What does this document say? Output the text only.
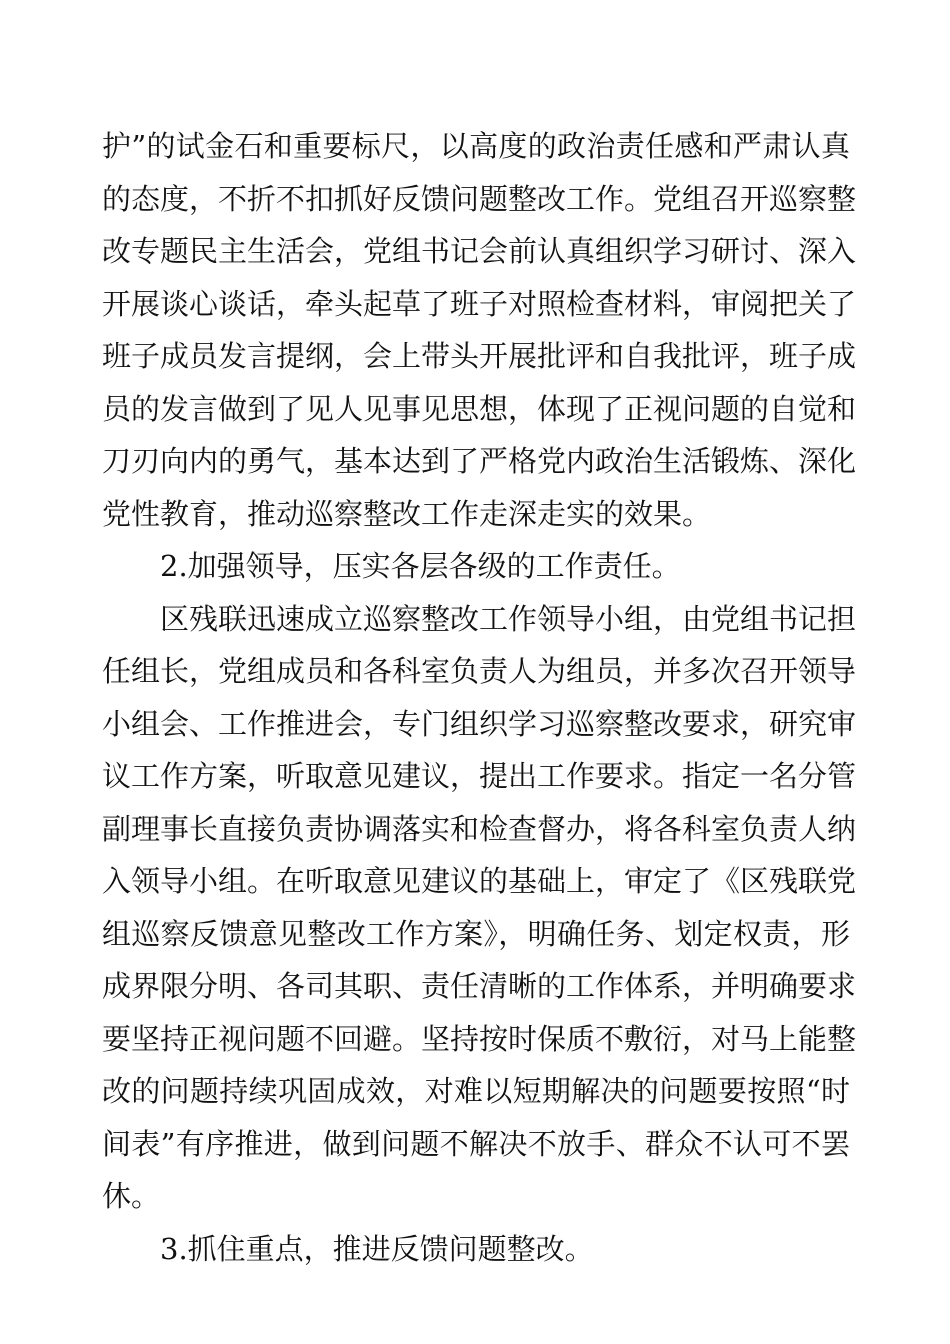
护”的试金石和重要标尺，以高度的政治责任感和严肃认真
的态度，不折不扣抓好反馈问题整改工作。党组召开巡察整
改专题民主生活会，党组书记会前认真组织学习研讨、深入
开展谈心谈话，牵头起草了班子对照检查材料，审阅把关了
班子成员发言提纲，会上带头开展批评和自我批评，班子成
员的发言做到了见人见事见思想，体现了正视问题的自觉和
刀刃向内的勇气，基本达到了严格党内政治生活锻炼、深化
党性教育，推动巡察整改工作走深走实的效果。
2.加强领导，压实各层各级的工作责任。
区残联迅速成立巡察整改工作领导小组，由党组书记担
任组长，党组成员和各科室负责人为组员，并多次召开领导
小组会、工作推进会，专门组织学习巡察整改要求，研究审
议工作方案，听取意见建议，提出工作要求。指定一名分管
副理事长直接负责协调落实和检查督办，将各科室负责人纳
入领导小组。在听取意见建议的基础上，审定了《区残联党
组巡察反馈意见整改工作方案》，明确任务、划定权责，形
成界限分明、各司其职、责任清晰的工作体系，并明确要求
要坚持正视问题不回避。坚持按时保质不敷衍，对马上能整
改的问题持续巩固成效，对难以短期解决的问题要按照“时
间表”有序推进，做到问题不解决不放手、群众不认可不罢
休。
3.抓住重点，推进反馈问题整改。
